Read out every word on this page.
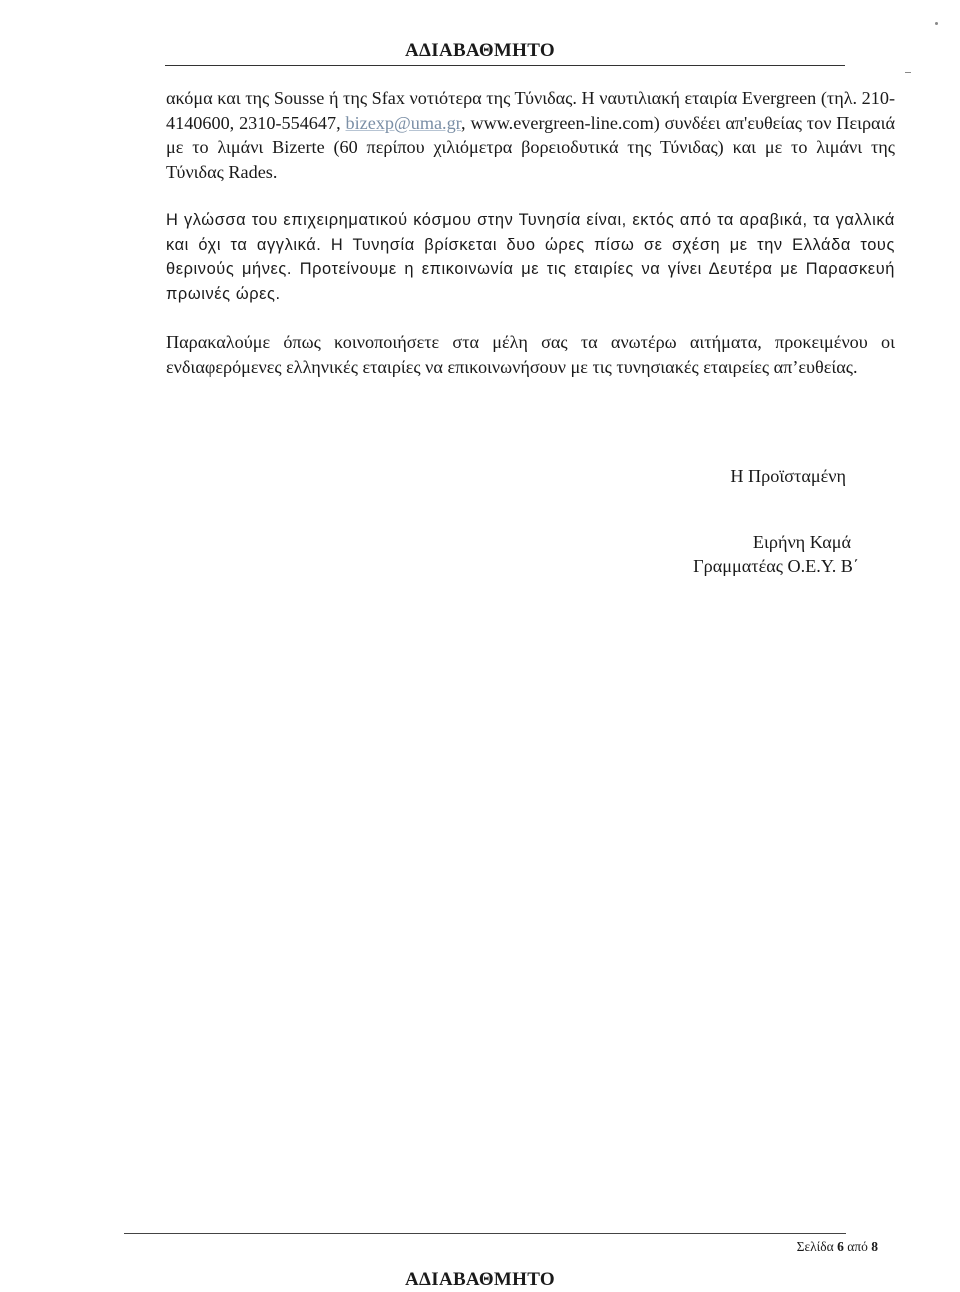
ΑΔΙΑΒΑΘΜΗΤΟ

ακόμα και της Sousse ή της Sfax νοτιότερα της Τύνιδας. Η ναυτιλιακή εταιρία Evergreen (τηλ. 210-4140600, 2310-554647, bizexp@uma.gr, www.evergreen-line.com) συνδέει απ'ευθείας τον Πειραιά με το λιμάνι Bizerte (60 περίπου χιλιόμετρα βορειοδυτικά της Τύνιδας) και με το λιμάνι της Τύνιδας Rades.

Η γλώσσα του επιχειρηματικού κόσμου στην Τυνησία είναι, εκτός από τα αραβικά, τα γαλλικά και όχι τα αγγλικά. Η Τυνησία βρίσκεται δυο ώρες πίσω σε σχέση με την Ελλάδα τους θερινούς μήνες. Προτείνουμε η επικοινωνία με τις εταιρίες να γίνει Δευτέρα με Παρασκευή πρωινές ώρες.

Παρακαλούμε όπως κοινοποιήσετε στα μέλη σας τα ανωτέρω αιτήματα, προκειμένου οι ενδιαφερόμενες ελληνικές εταιρίες να επικοινωνήσουν με τις τυνησιακές εταιρείες απ’ευθείας.

Η Προϊσταμένη
Ειρήνη Καμά
Γραμματέας Ο.Ε.Υ. Β΄
Σελίδα 6 από 8
ΑΔΙΑΒΑΘΜΗΤΟ
